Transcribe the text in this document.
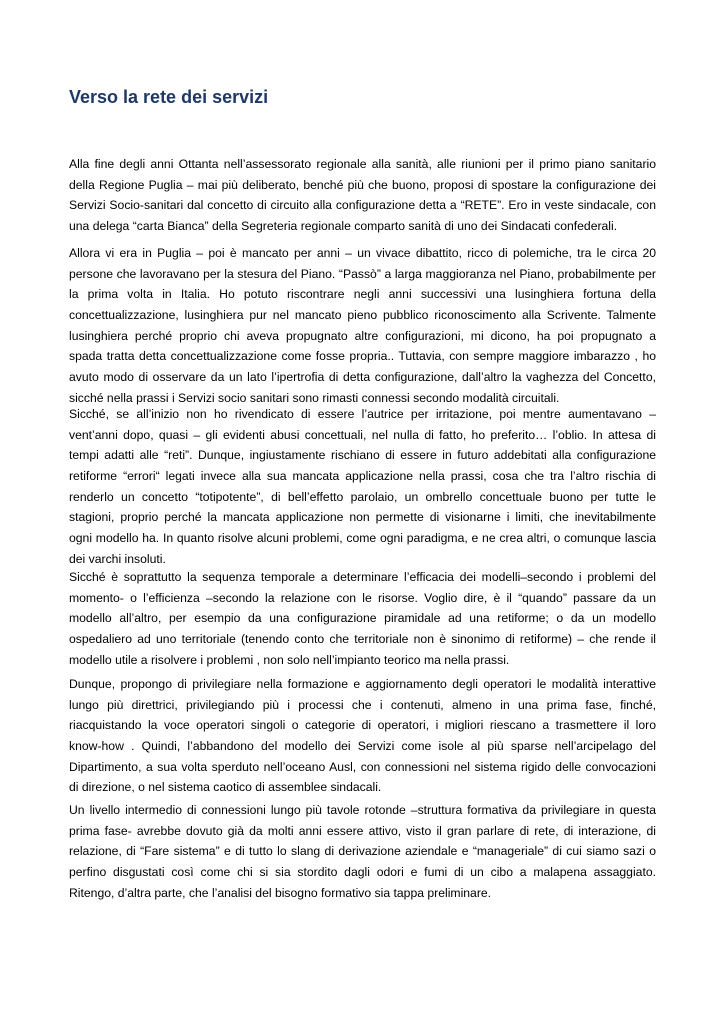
Verso la rete dei servizi
Alla fine degli anni Ottanta nell’assessorato regionale alla sanità, alle riunioni per il primo piano sanitario
della Regione Puglia – mai più deliberato, benché più che buono, proposi di spostare la configurazione dei
Servizi Socio-sanitari dal concetto di circuito alla configurazione detta a “RETE”. Ero in veste sindacale, con
una delega “carta Bianca” della Segreteria regionale comparto sanità di uno dei Sindacati confederali.
Allora vi era in Puglia – poi è mancato per anni – un vivace dibattito, ricco di polemiche, tra le circa 20
persone che lavoravano per la stesura del Piano. “Passò” a larga maggioranza nel Piano, probabilmente per
la prima volta in Italia. Ho potuto riscontrare negli anni successivi una lusinghiera fortuna della
concettualizzazione, lusinghiera pur nel mancato pieno pubblico riconoscimento alla Scrivente. Talmente
lusinghiera perché proprio chi aveva propugnato altre configurazioni, mi dicono, ha poi propugnato a
spada tratta detta concettualizzazione come fosse propria.. Tuttavia, con sempre maggiore imbarazzo , ho
avuto modo di osservare da un lato l’ipertrofia di detta configurazione, dall’altro la vaghezza del Concetto,
sicché nella prassi i Servizi socio sanitari sono rimasti connessi secondo modalità circuitali.
Sicché, se all’inizio non ho rivendicato di essere l’autrice per irritazione, poi mentre aumentavano –
vent’anni dopo, quasi – gli evidenti abusi concettuali, nel nulla di fatto, ho preferito… l’oblio. In attesa di
tempi adatti alle “reti”. Dunque, ingiustamente rischiano di essere in futuro addebitati alla configurazione
retiforme “errori“ legati invece alla sua mancata applicazione nella prassi, cosa che tra l’altro rischia di
renderlo un concetto “totipotente”, di bell’effetto parolaio, un ombrello concettuale buono per tutte le
stagioni, proprio perché la mancata applicazione non permette di visionarne i limiti, che inevitabilmente
ogni modello ha. In quanto risolve alcuni problemi, come ogni paradigma, e ne crea altri, o comunque lascia
dei varchi insoluti.
Sicché è soprattutto la sequenza temporale a determinare l’efficacia dei modelli–secondo i problemi del
momento- o l’efficienza –secondo la relazione con le risorse. Voglio dire, è il “quando” passare da un
modello all’altro, per esempio da una configurazione piramidale ad una retiforme; o da un modello
ospedaliero ad uno territoriale (tenendo conto che territoriale non è sinonimo di retiforme) – che rende il
modello utile a risolvere i problemi , non solo nell’impianto teorico ma nella prassi.
Dunque, propongo di privilegiare nella formazione e aggiornamento degli operatori le modalità interattive
lungo più direttrici, privilegiando più i processi che i contenuti, almeno in una prima fase, finché,
riacquistando la voce operatori singoli o categorie di operatori, i migliori riescano a trasmettere il loro
know-how . Quindi, l’abbandono del modello dei Servizi come isole al più sparse nell’arcipelago del
Dipartimento, a sua volta sperduto nell’oceano Ausl, con connessioni nel sistema rigido delle convocazioni
di direzione, o nel sistema caotico di assemblee sindacali.
Un livello intermedio di connessioni lungo più tavole rotonde –struttura formativa da privilegiare in questa
prima fase- avrebbe dovuto già da molti anni essere attivo, visto il gran parlare di rete, di interazione, di
relazione, di “Fare sistema” e di tutto lo slang di derivazione aziendale e “manageriale” di cui siamo sazi o
perfino disgustati così come chi si sia stordito dagli odori e fumi di un cibo a malapena assaggiato.
Ritengo, d’altra parte, che l’analisi del bisogno formativo sia tappa preliminare.
